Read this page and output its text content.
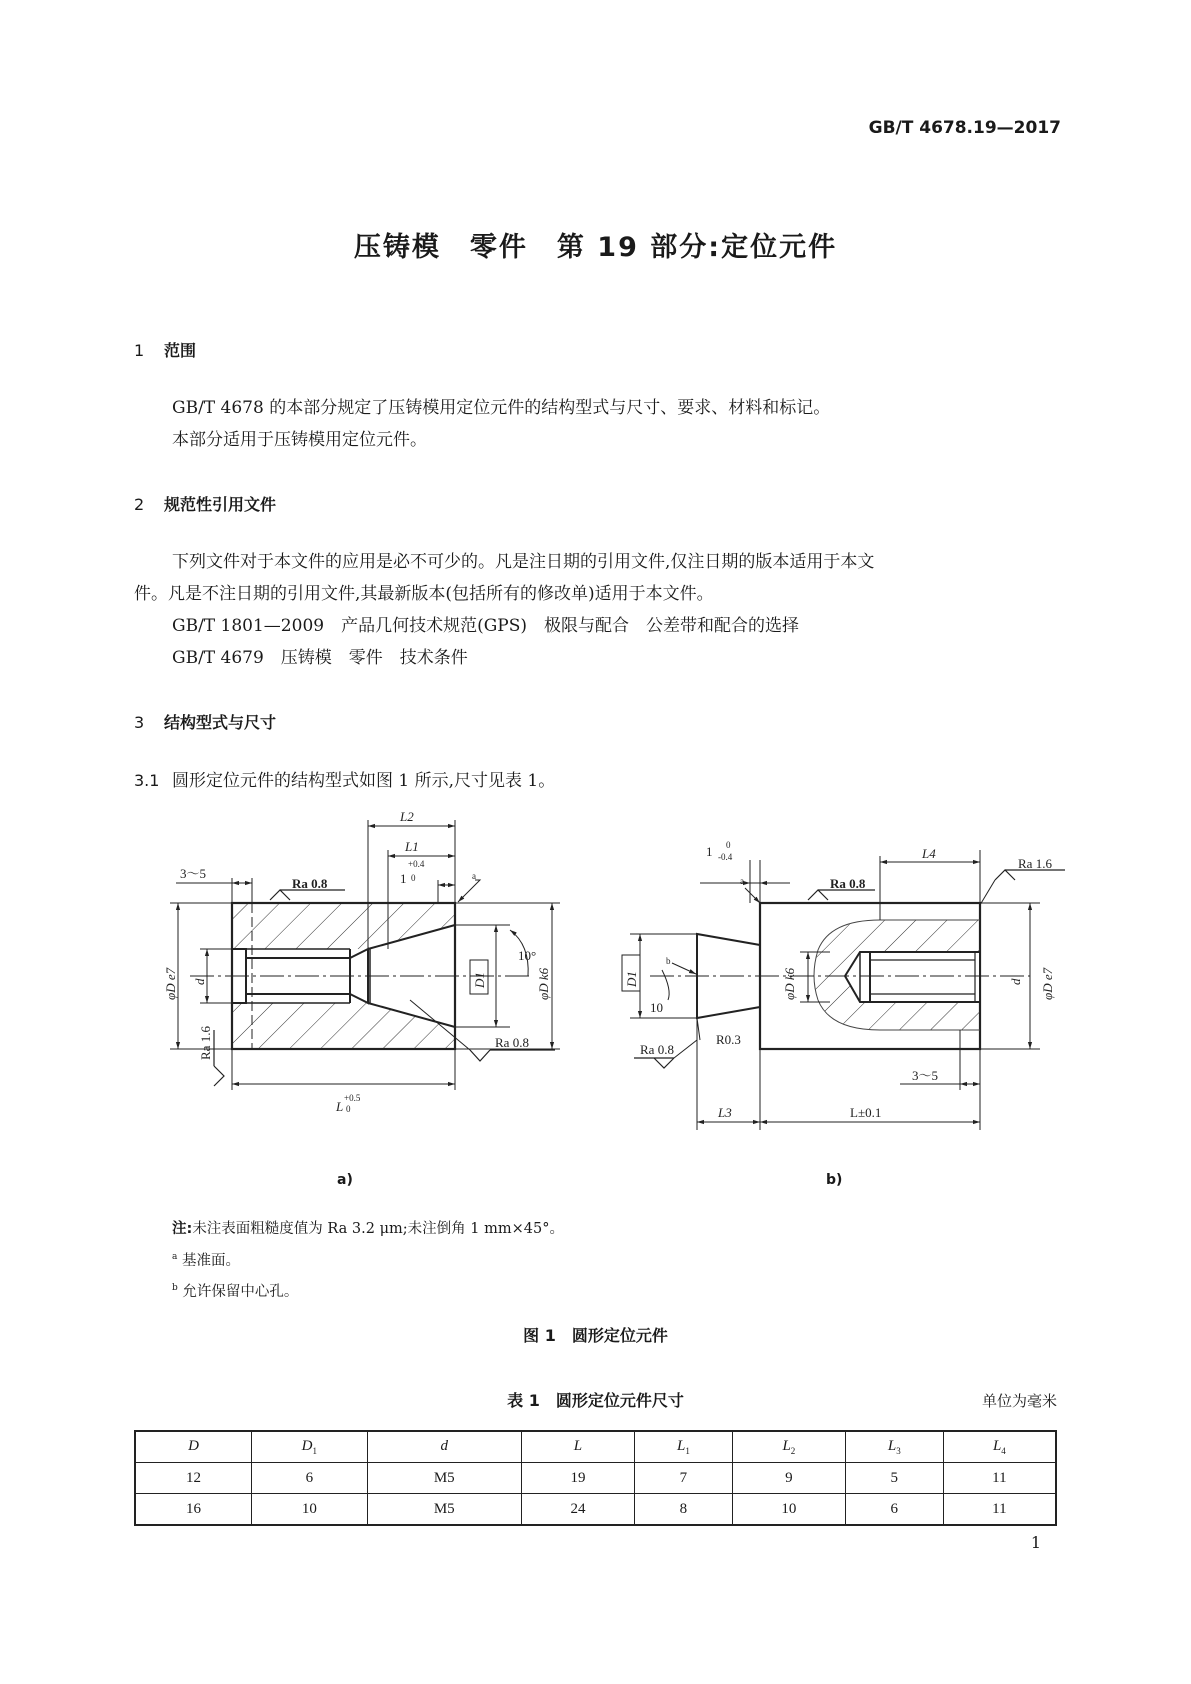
GB/T 4678.19—2017
压铸模　零件　第 19 部分:定位元件
1 范围
GB/T 4678 的本部分规定了压铸模用定位元件的结构型式与尺寸、要求、材料和标记。
本部分适用于压铸模用定位元件。
2 规范性引用文件
下列文件对于本文件的应用是必不可少的。凡是注日期的引用文件,仅注日期的版本适用于本文
件。凡是不注日期的引用文件,其最新版本(包括所有的修改单)适用于本文件。
GB/T 1801—2009　产品几何技术规范(GPS)　极限与配合　公差带和配合的选择
GB/T 4679　压铸模　零件　技术条件
3 结构型式与尺寸
3.1 圆形定位元件的结构型式如图 1 所示,尺寸见表 1。
3～5
L2
L1
1
+0.4
0
Ra 0.8
Ra 0.8
Ra 1.6
a
10°
d	D1
φD e7	φD k6
L
+0.5
0
1 0
-0.4
a
b
Ra 0.8
Ra 1.6
L4
D1
10
φD k6	d φD e7
R0.3
Ra 0.8
3～5
L3	L±0.1
a)	b)
注:未注表面粗糙度值为 Ra 3.2 μm;未注倒角 1 mm×45°。
$^a$ 基准面。
$^b$ 允许保留中心孔。
图 1　圆形定位元件
表 1　圆形定位元件尺寸	单位为毫米
D	$D_1$	d	L	$L_1$	$L_2$	$L_3$	$L_4$
12	6	M5	19	7	9	5	11
16	10	M5	24	8	10	6	11
1
